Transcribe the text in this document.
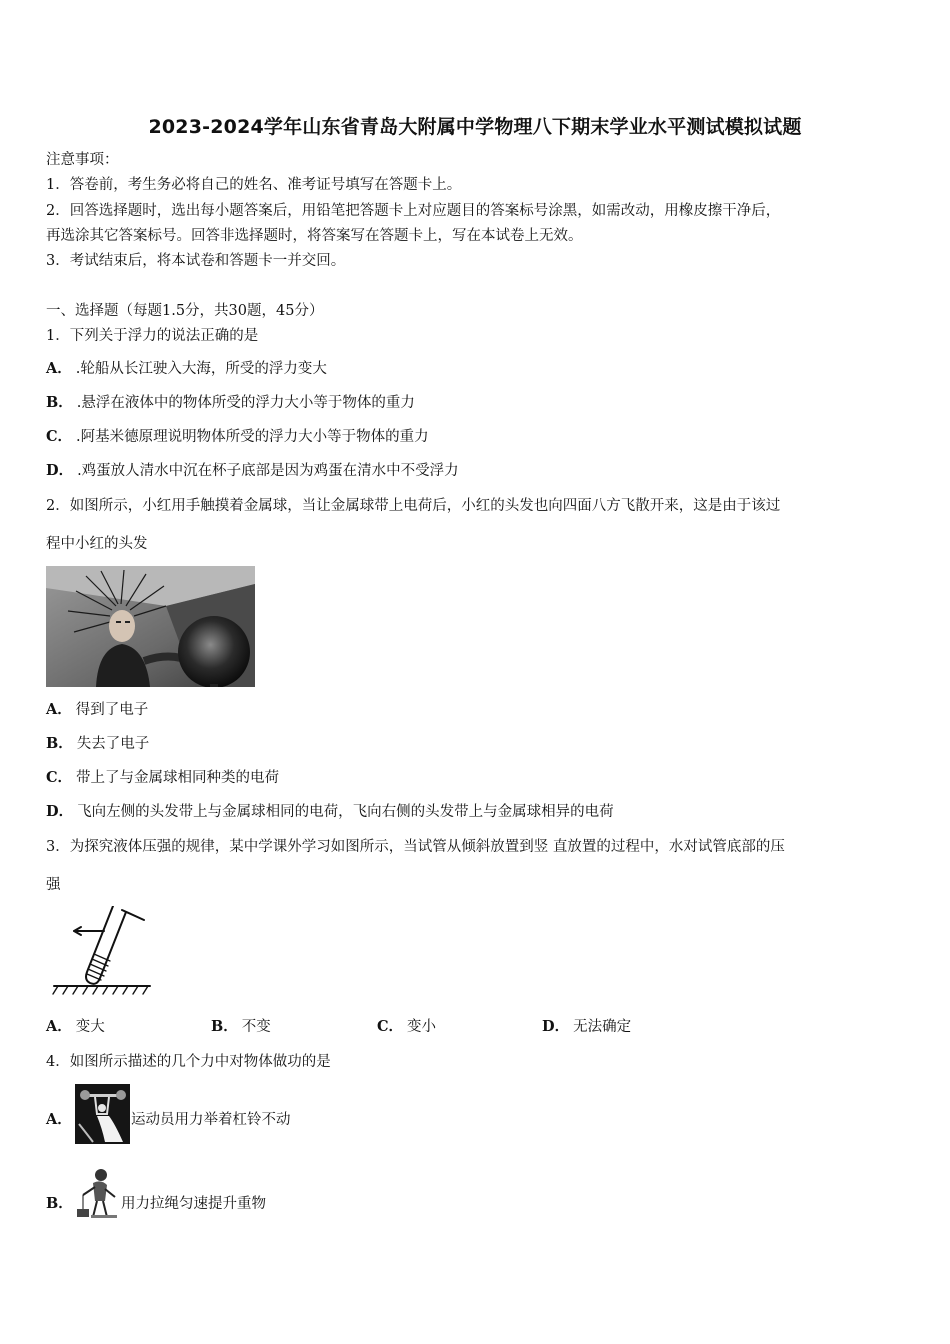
2023-2024学年山东省青岛大附属中学物理八下期末学业水平测试模拟试题
注意事项：
1．答卷前，考生务必将自己的姓名、准考证号填写在答题卡上。
2．回答选择题时，选出每小题答案后，用铅笔把答题卡上对应题目的答案标号涂黑，如需改动，用橡皮擦干净后，
再选涂其它答案标号。回答非选择题时，将答案写在答题卡上，写在本试卷上无效。
3．考试结束后，将本试卷和答题卡一并交回。
一、选择题（每题1.5分，共30题，45分）
1．下列关于浮力的说法正确的是
A． .轮船从长江驶入大海，所受的浮力变大
B． .悬浮在液体中的物体所受的浮力大小等于物体的重力
C． .阿基米德原理说明物体所受的浮力大小等于物体的重力
D． .鸡蛋放人清水中沉在杯子底部是因为鸡蛋在清水中不受浮力
2．如图所示，小红用手触摸着金属球，当让金属球带上电荷后，小红的头发也向四面八方飞散开来，这是由于该过
程中小红的头发
A． 得到了电子
B． 失去了电子
C． 带上了与金属球相同种类的电荷
D． 飞向左侧的头发带上与金属球相同的电荷，飞向右侧的头发带上与金属球相异的电荷
3．为探究液体压强的规律，某中学课外学习如图所示，当试管从倾斜放置到竖 直放置的过程中，水对试管底部的压
强
A． 变大	B． 不变	C． 变小	D． 无法确定
4．如图所示描述的几个力中对物体做功的是
A．	运动员用力举着杠铃不动
B．	用力拉绳匀速提升重物
